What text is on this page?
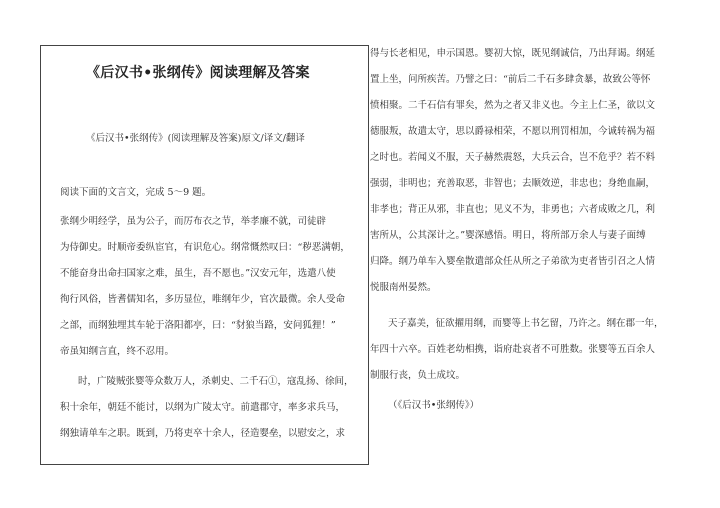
《后汉书•张纲传》阅读理解及答案
《后汉书•张纲传》(阅读理解及答案)原文/译文/翻译
阅读下面的文言文，完成 5～9 题。
张纲少明经学，虽为公子，而厉布衣之节，举孝廉不就，司徒辟
为侍御史。时顺帝委纵宦官，有识危心。纲常慨然叹曰：“秽恶满朝，
不能奋身出命扫国家之难，虽生，吾不愿也。”汉安元年，选遣八使
徇行风俗，皆耆儒知名，多历显位，唯纲年少，官次最微。余人受命
之部，而纲独埋其车轮于洛阳都亭，曰：“豺狼当路，安问狐狸！”
帝虽知纲言直，终不忍用。
时，广陵贼张婴等众数万人，杀刺史、二千石①，寇乱扬、徐间，
积十余年，朝廷不能讨，以纲为广陵太守。前遣郡守，率多求兵马，
纲独请单车之职。既到，乃将吏卒十余人，径造婴垒，以慰安之，求
得与长老相见，申示国恩。婴初大惊，既见纲诚信，乃出拜谒。纲延
置上坐，问所疾苦。乃譬之曰：“前后二千石多肆贪暴，故致公等怀
愤相聚。二千石信有罪矣，然为之者又非义也。今主上仁圣，欲以文
德服叛，故遣太守，思以爵禄相荣，不愿以刑罚相加，今诚转祸为福
之时也。若闻义不服，天子赫然震怒，大兵云合，岂不危乎？若不料
强弱，非明也；充善取恶，非智也；去顺效逆，非忠也；身绝血嗣，
非孝也；背正从邪，非直也；见义不为，非勇也；六者成败之几，利
害所从，公其深计之。”婴深感悟。明日，将所部万余人与妻子面缚
归降。纲乃单车入婴垒散遣部众任从所之子弟欲为吏者皆引召之人情
悦服南州晏然。
天子嘉美，征欲擢用纲，而婴等上书乞留，乃许之。纲在郡一年，
年四十六卒。百姓老幼相携，诣府赴哀者不可胜数。张婴等五百余人
制服行丧，负土成坟。
（《后汉书•张纲传》）
